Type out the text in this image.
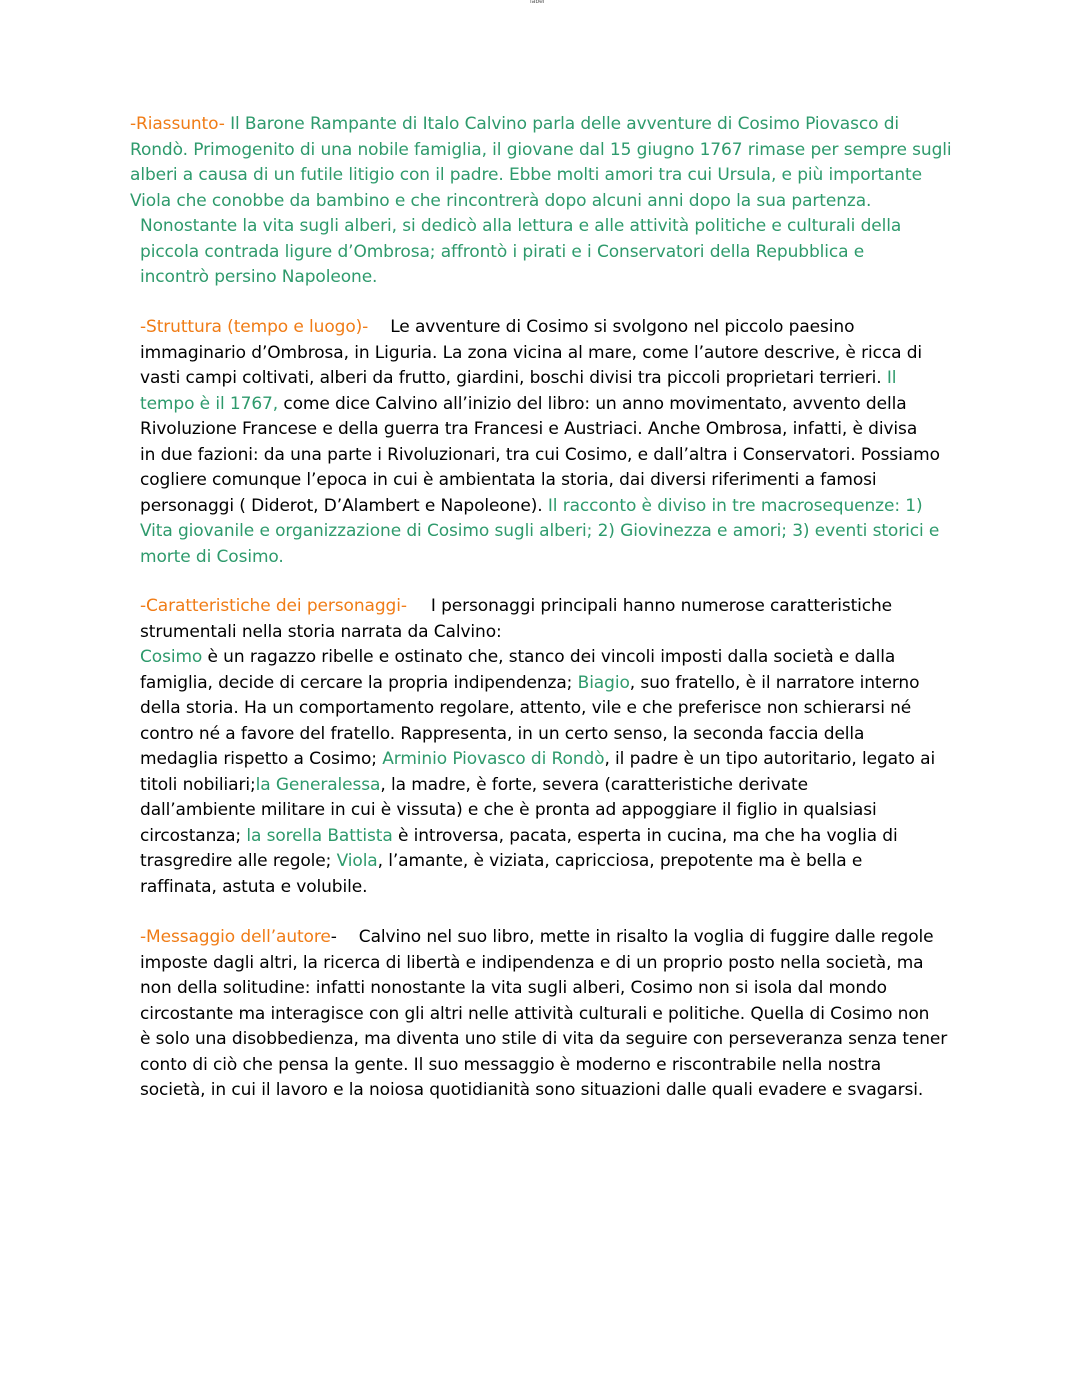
label
-Riassunto- Il Barone Rampante di Italo Calvino parla delle avventure di Cosimo Piovasco di
Rondò. Primogenito di una nobile famiglia, il giovane dal 15 giugno 1767 rimase per sempre sugli
alberi a causa di un futile litigio con il padre. Ebbe molti amori tra cui Ursula, e più importante
Viola che conobbe da bambino e che rincontrerà dopo alcuni anni dopo la sua partenza.
Nonostante la vita sugli alberi, si dedicò alla lettura e alle attività politiche e culturali della
piccola contrada ligure d’Ombrosa; affrontò i pirati e i Conservatori della Repubblica e
incontrò persino Napoleone.
-Struttura (tempo e luogo)- Le avventure di Cosimo si svolgono nel piccolo paesino
immaginario d’Ombrosa, in Liguria. La zona vicina al mare, come l’autore descrive, è ricca di
vasti campi coltivati, alberi da frutto, giardini, boschi divisi tra piccoli proprietari terrieri. Il
tempo è il 1767, come dice Calvino all’inizio del libro: un anno movimentato, avvento della
Rivoluzione Francese e della guerra tra Francesi e Austriaci. Anche Ombrosa, infatti, è divisa
in due fazioni: da una parte i Rivoluzionari, tra cui Cosimo, e dall’altra i Conservatori. Possiamo
cogliere comunque l’epoca in cui è ambientata la storia, dai diversi riferimenti a famosi
personaggi ( Diderot, D’Alambert e Napoleone). Il racconto è diviso in tre macrosequenze: 1)
Vita giovanile e organizzazione di Cosimo sugli alberi; 2) Giovinezza e amori; 3) eventi storici e
morte di Cosimo.
-Caratteristiche dei personaggi- I personaggi principali hanno numerose caratteristiche
strumentali nella storia narrata da Calvino:
Cosimo è un ragazzo ribelle e ostinato che, stanco dei vincoli imposti dalla società e dalla
famiglia, decide di cercare la propria indipendenza; Biagio, suo fratello, è il narratore interno
della storia. Ha un comportamento regolare, attento, vile e che preferisce non schierarsi né
contro né a favore del fratello. Rappresenta, in un certo senso, la seconda faccia della
medaglia rispetto a Cosimo; Arminio Piovasco di Rondò, il padre è un tipo autoritario, legato ai
titoli nobiliari;la Generalessa, la madre, è forte, severa (caratteristiche derivate
dall’ambiente militare in cui è vissuta) e che è pronta ad appoggiare il figlio in qualsiasi
circostanza; la sorella Battista è introversa, pacata, esperta in cucina, ma che ha voglia di
trasgredire alle regole; Viola, l’amante, è viziata, capricciosa, prepotente ma è bella e
raffinata, astuta e volubile.
-Messaggio dell’autore- Calvino nel suo libro, mette in risalto la voglia di fuggire dalle regole
imposte dagli altri, la ricerca di libertà e indipendenza e di un proprio posto nella società, ma
non della solitudine: infatti nonostante la vita sugli alberi, Cosimo non si isola dal mondo
circostante ma interagisce con gli altri nelle attività culturali e politiche. Quella di Cosimo non
è solo una disobbedienza, ma diventa uno stile di vita da seguire con perseveranza senza tener
conto di ciò che pensa la gente. Il suo messaggio è moderno e riscontrabile nella nostra
società, in cui il lavoro e la noiosa quotidianità sono situazioni dalle quali evadere e svagarsi.
